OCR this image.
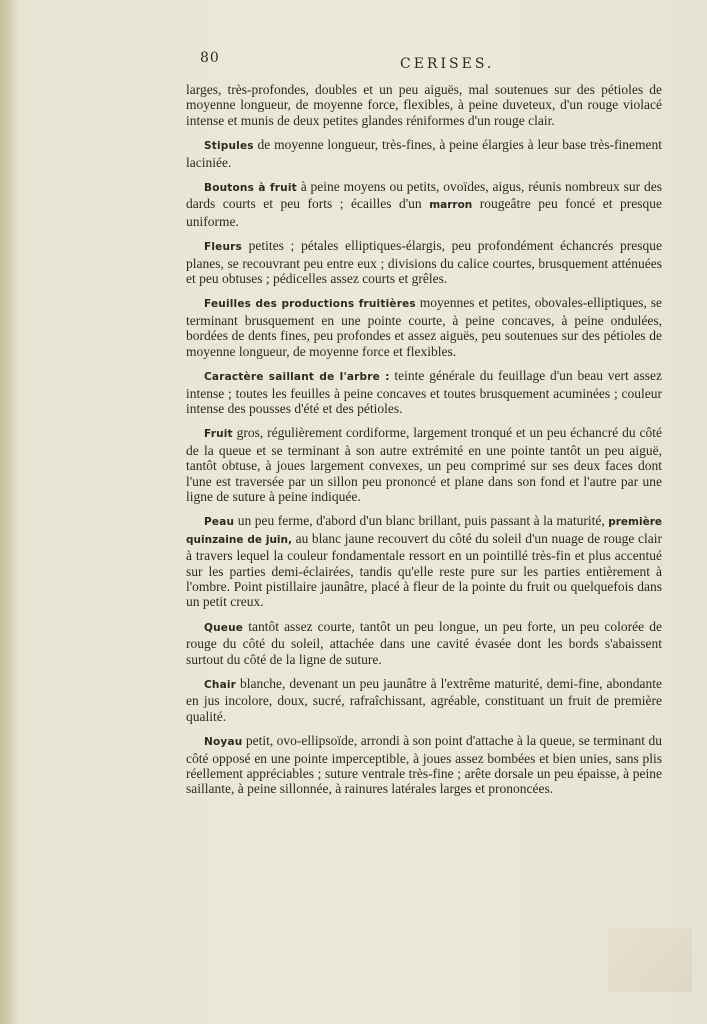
80	CERISES.

larges, très-profondes, doubles et un peu aiguës, mal soutenues sur des pétioles de moyenne longueur, de moyenne force, flexibles, à peine duveteux, d'un rouge violacé intense et munis de deux petites glandes réniformes d'un rouge clair.

Stipules de moyenne longueur, très-fines, à peine élargies à leur base très-finement laciniée.

Boutons à fruit à peine moyens ou petits, ovoïdes, aigus, réunis nombreux sur des dards courts et peu forts ; écailles d'un marron rougeâtre peu foncé et presque uniforme.

Fleurs petites ; pétales elliptiques-élargis, peu profondément échancrés presque planes, se recouvrant peu entre eux ; divisions du calice courtes, brusquement atténuées et peu obtuses ; pédicelles assez courts et grêles.

Feuilles des productions fruitières moyennes et petites, obovales-elliptiques, se terminant brusquement en une pointe courte, à peine concaves, à peine ondulées, bordées de dents fines, peu profondes et assez aiguës, peu soutenues sur des pétioles de moyenne longueur, de moyenne force et flexibles.

Caractère saillant de l'arbre : teinte générale du feuillage d'un beau vert assez intense ; toutes les feuilles à peine concaves et toutes brusquement acuminées ; couleur intense des pousses d'été et des pétioles.

Fruit gros, régulièrement cordiforme, largement tronqué et un peu échancré du côté de la queue et se terminant à son autre extrémité en une pointe tantôt un peu aiguë, tantôt obtuse, à joues largement convexes, un peu comprimé sur ses deux faces dont l'une est traversée par un sillon peu prononcé et plane dans son fond et l'autre par une ligne de suture à peine indiquée.

Peau un peu ferme, d'abord d'un blanc brillant, puis passant à la maturité, première quinzaine de juin, au blanc jaune recouvert du côté du soleil d'un nuage de rouge clair à travers lequel la couleur fondamentale ressort en un pointillé très-fin et plus accentué sur les parties demi-éclairées, tandis qu'elle reste pure sur les parties entièrement à l'ombre. Point pistillaire jaunâtre, placé à fleur de la pointe du fruit ou quelquefois dans un petit creux.

Queue tantôt assez courte, tantôt un peu longue, un peu forte, un peu colorée de rouge du côté du soleil, attachée dans une cavité évasée dont les bords s'abaissent surtout du côté de la ligne de suture.

Chair blanche, devenant un peu jaunâtre à l'extrême maturité, demi-fine, abondante en jus incolore, doux, sucré, rafraîchissant, agréable, constituant un fruit de première qualité.

Noyau petit, ovo-ellipsoïde, arrondi à son point d'attache à la queue, se terminant du côté opposé en une pointe imperceptible, à joues assez bombées et bien unies, sans plis réellement appréciables ; suture ventrale très-fine ; arête dorsale un peu épaisse, à peine saillante, à peine sillonnée, à rainures latérales larges et prononcées.
